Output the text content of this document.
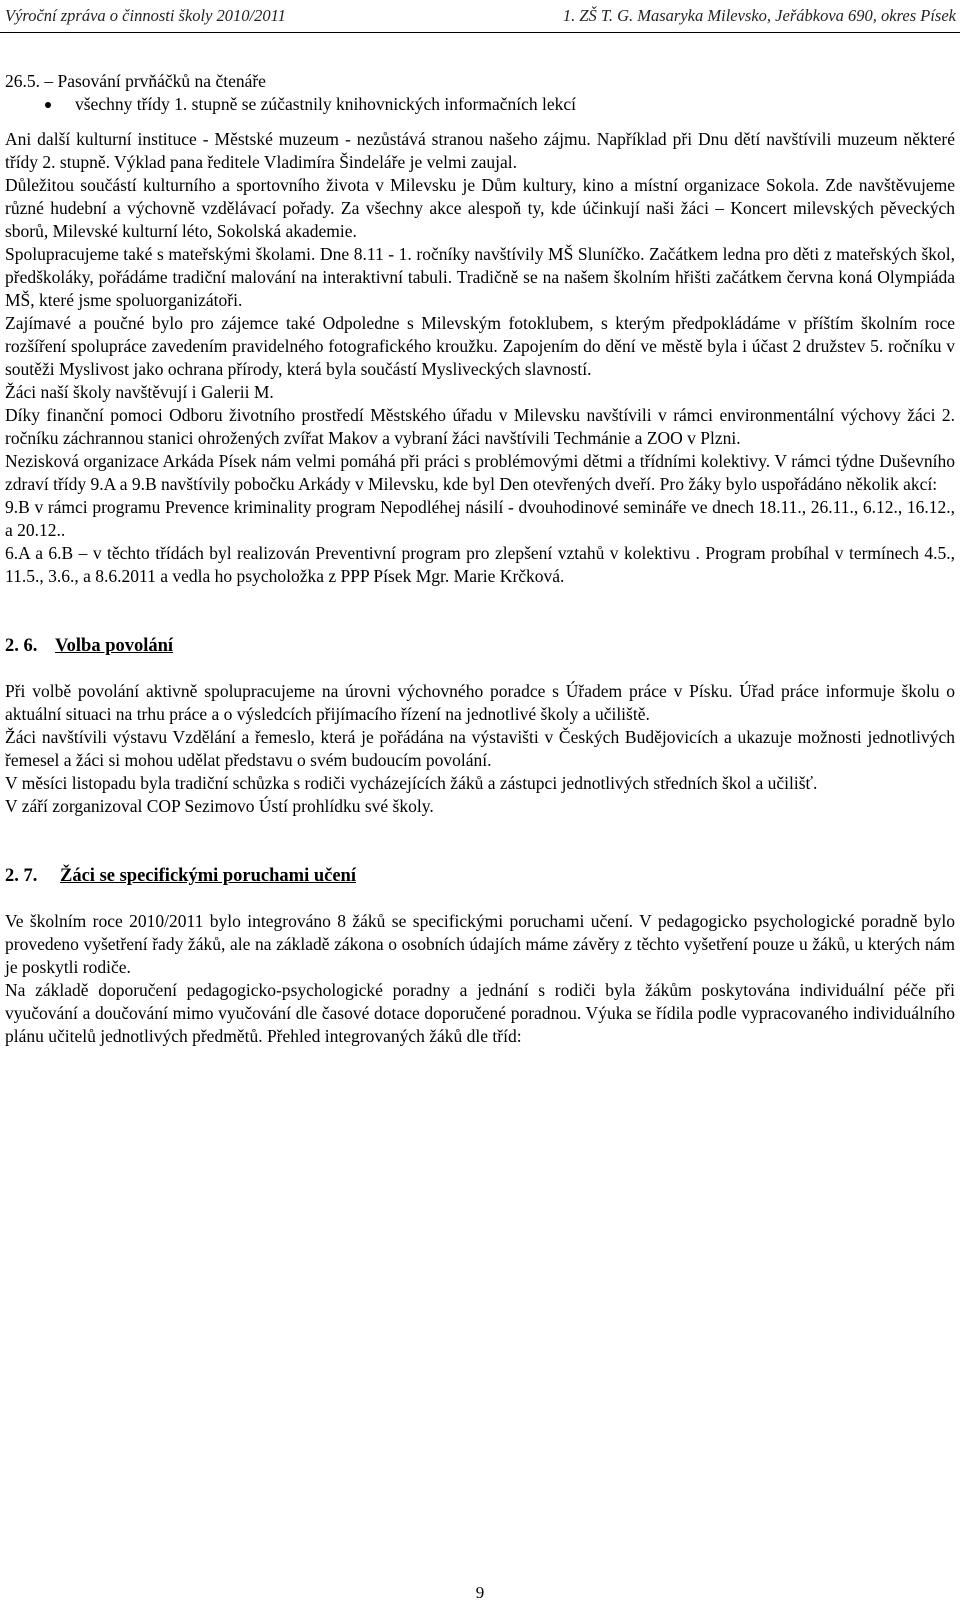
Výroční zpráva o činnosti školy 2010/2011	1. ZŠ T. G. Masaryka Milevsko, Jeřábkova 690, okres Písek

26.5. – Pasování prvňáčků na čtenáře

všechny třídy 1. stupně se zúčastnily knihovnických informačních lekcí

Ani další kulturní instituce - Městské muzeum - nezůstává stranou našeho zájmu. Například při Dnu dětí navštívili muzeum některé třídy 2. stupně. Výklad pana ředitele Vladimíra Šindeláře je velmi zaujal.

Důležitou součástí kulturního a sportovního života v Milevsku je Dům kultury, kino a místní organizace Sokola. Zde navštěvujeme různé hudební a výchovně vzdělávací pořady. Za všechny akce alespoň ty, kde účinkují naši žáci – Koncert milevských pěveckých sborů, Milevské kulturní léto, Sokolská akademie.

Spolupracujeme také s mateřskými školami. Dne 8.11 - 1. ročníky navštívily MŠ Sluníčko. Začátkem ledna pro děti z mateřských škol, předškoláky, pořádáme tradiční malování na interaktivní tabuli. Tradičně se na našem školním hřišti začátkem června koná Olympiáda MŠ, které jsme spoluorganizátoři.

Zajímavé a poučné bylo pro zájemce také Odpoledne s Milevským fotoklubem, s kterým předpokládáme v příštím školním roce rozšíření spolupráce zavedením pravidelného fotografického kroužku. Zapojením do dění ve městě byla i účast 2 družstev 5. ročníku v soutěži Myslivost jako ochrana přírody, která byla součástí Mysliveckých slavností.

Žáci naší školy navštěvují i Galerii M.

Díky finanční pomoci Odboru životního prostředí Městského úřadu v Milevsku navštívili v rámci environmentální výchovy žáci 2. ročníku záchrannou stanici ohrožených zvířat Makov a vybraní žáci navštívili Techmánie a ZOO v Plzni.

Nezisková organizace Arkáda Písek nám velmi pomáhá při práci s problémovými dětmi a třídními kolektivy. V rámci týdne Duševního zdraví třídy 9.A a 9.B navštívily pobočku Arkády v Milevsku, kde byl Den otevřených dveří. Pro žáky bylo uspořádáno několik akcí:

9.B v rámci programu Prevence kriminality program Nepodléhej násilí - dvouhodinové semináře ve dnech 18.11., 26.11., 6.12., 16.12., a 20.12..

6.A a 6.B – v těchto třídách byl realizován Preventivní program pro zlepšení vztahů v kolektivu . Program probíhal v termínech 4.5., 11.5., 3.6., a 8.6.2011 a vedla ho psycholožka z PPP Písek Mgr. Marie Krčková.

2. 6. Volba povolání

Při volbě povolání aktivně spolupracujeme na úrovni výchovného poradce s Úřadem práce v Písku. Úřad práce informuje školu o aktuální situaci na trhu práce a o výsledcích přijímacího řízení na jednotlivé školy a učiliště.

Žáci navštívili výstavu Vzdělání a řemeslo, která je pořádána na výstavišti v Českých Budějovicích a ukazuje možnosti jednotlivých řemesel a žáci si mohou udělat představu o svém budoucím povolání.

V měsíci listopadu byla tradiční schůzka s rodiči vycházejících žáků a zástupci jednotlivých středních škol a učilišť.

V září zorganizoval COP Sezimovo Ústí prohlídku své školy.

2. 7. Žáci se specifickými poruchami učení

Ve školním roce 2010/2011 bylo integrováno 8 žáků se specifickými poruchami učení. V pedagogicko psychologické poradně bylo provedeno vyšetření řady žáků, ale na základě zákona o osobních údajích máme závěry z těchto vyšetření pouze u žáků, u kterých nám je poskytli rodiče.

Na základě doporučení pedagogicko-psychologické poradny a jednání s rodiči byla žákům poskytována individuální péče při vyučování a doučování mimo vyučování dle časové dotace doporučené poradnou. Výuka se řídila podle vypracovaného individuálního plánu učitelů jednotlivých předmětů. Přehled integrovaných žáků dle tříd:

9
